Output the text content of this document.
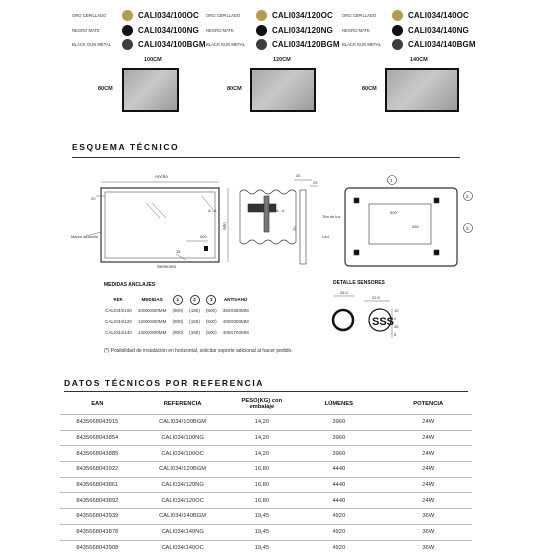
ORO CEPILLADO	CALI034/100OC
NEGRO MATE	CALI034/100NG
BLACK GUN METAL	CALI034/100BGM
ORO CEPILLADO	CALI034/120OC
NEGRO MATE	CALI034/120NG
BLACK GUN METAL	CALI034/120BGM
ORO CEPILLADO	CALI034/140OC
NEGRO MATE	CALI034/140NG
BLACK GUN METAL	CALI034/140BGM
100CM	120CM	140CM
80CM	80CM	80CM
ESQUEMA TÉCNICO
Ancho
Alto
20
Marco aluminio
15
500
A - A
Sensores
A - A
30
25
70
1
2
3
500
350
Tira de luz
Led
MEDIDAS ANCLAJES
REF.	MEDIDAS	1	2	3	ANTIVAHO
CALI034/100	1000X800MM	(600)	(150)	(500)	350X550MM
CALI034/120	1200X800MM	(800)	(150)	(500)	400X600MM
CALI034/140	1400X800MM	(900)	(150)	(500)	400X700MM
(*) Posibilidad de instalación en horizontal, solicitar soporte adicional al hacer pedido.
DETALLE SENSORES
SSS
28.5
22.5
15
2
35
8
DATOS TÉCNICOS POR REFERENCIA
EAN	REFERENCIA	PESO(KG) con embalaje	LÚMENES	POTENCIA
8435668043915	CALI034/100BGM	14,20	3960	24W
8435668043854	CALI034/100NG	14,20	3960	24W
8435668043885	CALI034/100OC	14,20	3960	24W
8435668043922	CALI034/120BGM	16,80	4440	24W
8435668043861	CALI034/120NG	16,80	4440	24W
8435668043892	CALI034/120OC	16,80	4440	24W
8435668043939	CALI034/140BGM	19,45	4920	36W
8435668043878	CALI034/140NG	19,45	4920	36W
8435668043908	CALI034/140OC	19,45	4920	36W
